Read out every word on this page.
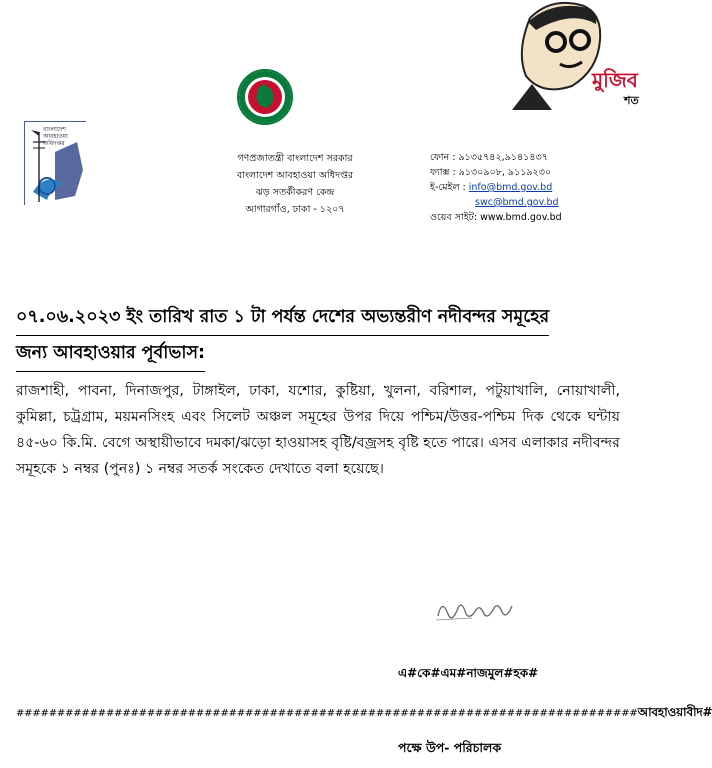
বাংলাদেশ
আবহাওয়া
অধিদপ্তর
মুজিব
শত
গণপ্রজাতন্ত্রী বাংলাদেশ সরকার
বাংলাদেশ আবহাওয়া অধিদপ্তর
ঝড় সতর্কীকরণ কেন্দ্র
আগারগাঁও, ঢাকা - ১২০৭
ফোন : ৯১৩৫৭৪২,৯১৪১৪৩৭
ফ্যাক্স : ৯১৩০৯০৮, ৯১১৯২৩০
ই-মেইল : info@bmd.gov.bd
swc@bmd.gov.bd
ওয়েব সাইট: www.bmd.gov.bd
০৭.০৬.২০২৩ ইং তারিখ রাত ১ টা পর্যন্ত দেশের অভ্যন্তরীণ নদীবন্দর সমূহের
জন্য আবহাওয়ার পূর্বাভাস:
রাজশাহী, পাবনা, দিনাজপুর, টাঙ্গাইল, ঢাকা, যশোর, কুষ্টিয়া, খুলনা, বরিশাল, পটুয়াখালি, নোয়াখালী, কুমিল্লা, চট্রগ্রাম, ময়মনসিংহ এবং সিলেট অঞ্চল সমূহের উপর দিয়ে পশ্চিম/উত্তর-পশ্চিম দিক থেকে ঘন্টায় ৪৫-৬০ কি.মি. বেগে অস্থায়ীভাবে দমকা/ঝড়ো হাওয়াসহ বৃষ্টি/বজ্রসহ বৃষ্টি হতে পারে। এসব এলাকার নদীবন্দর সমূহকে ১ নম্বর (পুনঃ) ১ নম্বর সতর্ক সংকেত দেখাতে বলা হয়েছে।
এ#কে#এম#নাজমুল#হক#
############################################################################আবহাওয়াবীদ#
পক্ষে উপ- পরিচালক
